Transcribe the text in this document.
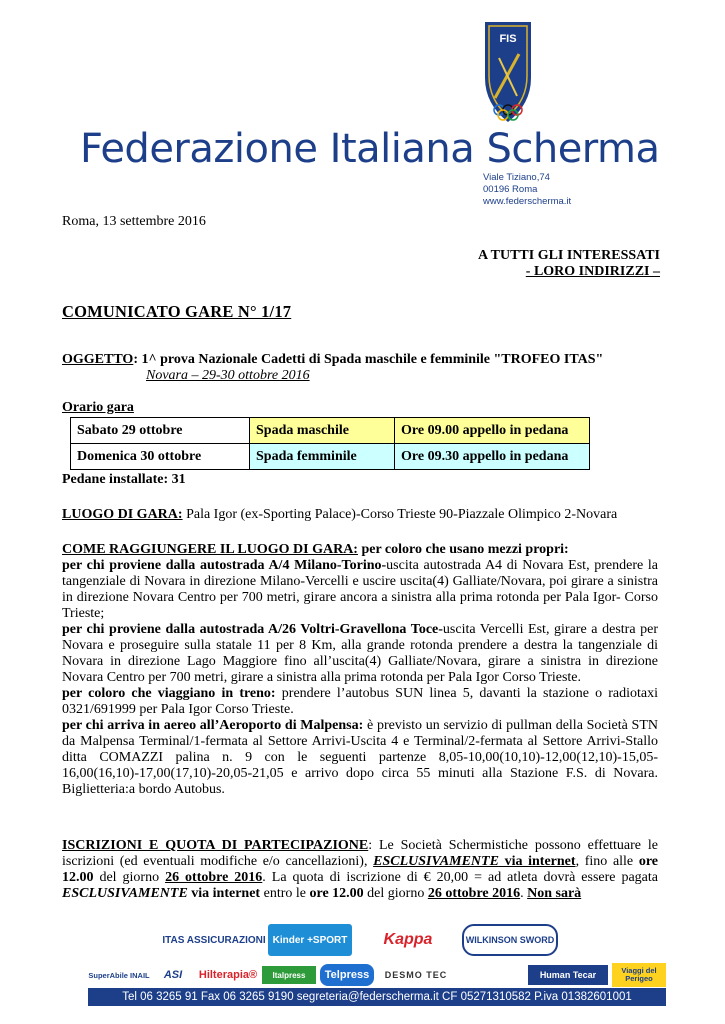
FIS
Federazione Italiana Scherma
Viale Tiziano,74
00196 Roma
www.federscherma.it
Roma, 13 settembre 2016
A TUTTI GLI INTERESSATI
- LORO INDIRIZZI –
COMUNICATO GARE N° 1/17
OGGETTO: 1^ prova Nazionale Cadetti di Spada maschile e femminile "TROFEO ITAS"
Novara – 29-30 ottobre 2016
Orario gara
Sabato 29 ottobre	Spada maschile	Ore 09.00 appello in pedana
Domenica 30 ottobre	Spada femminile	Ore 09.30 appello in pedana
Pedane installate: 31
LUOGO DI GARA: Pala Igor (ex-Sporting Palace)-Corso Trieste 90-Piazzale Olimpico 2-Novara

COME RAGGIUNGERE IL LUOGO DI GARA: per coloro che usano mezzi propri:

per chi proviene dalla autostrada A/4 Milano-Torino-uscita autostrada A4 di Novara Est, prendere la tangenziale di Novara in direzione Milano-Vercelli e uscire uscita(4) Galliate/Novara, poi girare a sinistra in direzione Novara Centro per 700 metri, girare ancora a sinistra alla prima rotonda per Pala Igor- Corso Trieste;

per chi proviene dalla autostrada A/26 Voltri-Gravellona Toce-uscita Vercelli Est, girare a destra per Novara e proseguire sulla statale 11 per 8 Km, alla grande rotonda prendere a destra la tangenziale di Novara in direzione Lago Maggiore fino all’uscita(4) Galliate/Novara, girare a sinistra in direzione Novara Centro per 700 metri, girare a sinistra alla prima rotonda per Pala Igor Corso Trieste.

per coloro che viaggiano in treno: prendere l’autobus SUN linea 5, davanti la stazione o radiotaxi 0321/691999 per Pala Igor Corso Trieste.

per chi arriva in aereo all’Aeroporto di Malpensa: è previsto un servizio di pullman della Società STN da Malpensa Terminal/1-fermata al Settore Arrivi-Uscita 4 e Terminal/2-fermata al Settore Arrivi-Stallo ditta COMAZZI palina n. 9 con le seguenti partenze 8,05-10,00(10,10)-12,00(12,10)-15,05-16,00(16,10)-17,00(17,10)-20,05-21,05 e arrivo dopo circa 55 minuti alla Stazione F.S. di Novara. Biglietteria:a bordo Autobus.

ISCRIZIONI E QUOTA DI PARTECIPAZIONE: Le Società Schermistiche possono effettuare le iscrizioni (ed eventuali modifiche e/o cancellazioni), ESCLUSIVAMENTE via internet, fino alle ore 12.00 del giorno 26 ottobre 2016. La quota di iscrizione di € 20,00 = ad atleta dovrà essere pagata ESCLUSIVAMENTE via internet entro le ore 12.00 del giorno 26 ottobre 2016. Non sarà

ITAS ASSICURAZIONI Kinder +SPORT	Kappa	WILKINSON SWORD
SuperAbile INAIL	ASI	Hilterapia®	Italpress	Telpress	DESMO TEC	Human Tecar	Viaggi del Perigeo
Tel 06 3265 91 Fax 06 3265 9190 segreteria@federscherma.it CF 05271310582 P.iva 01382601001
